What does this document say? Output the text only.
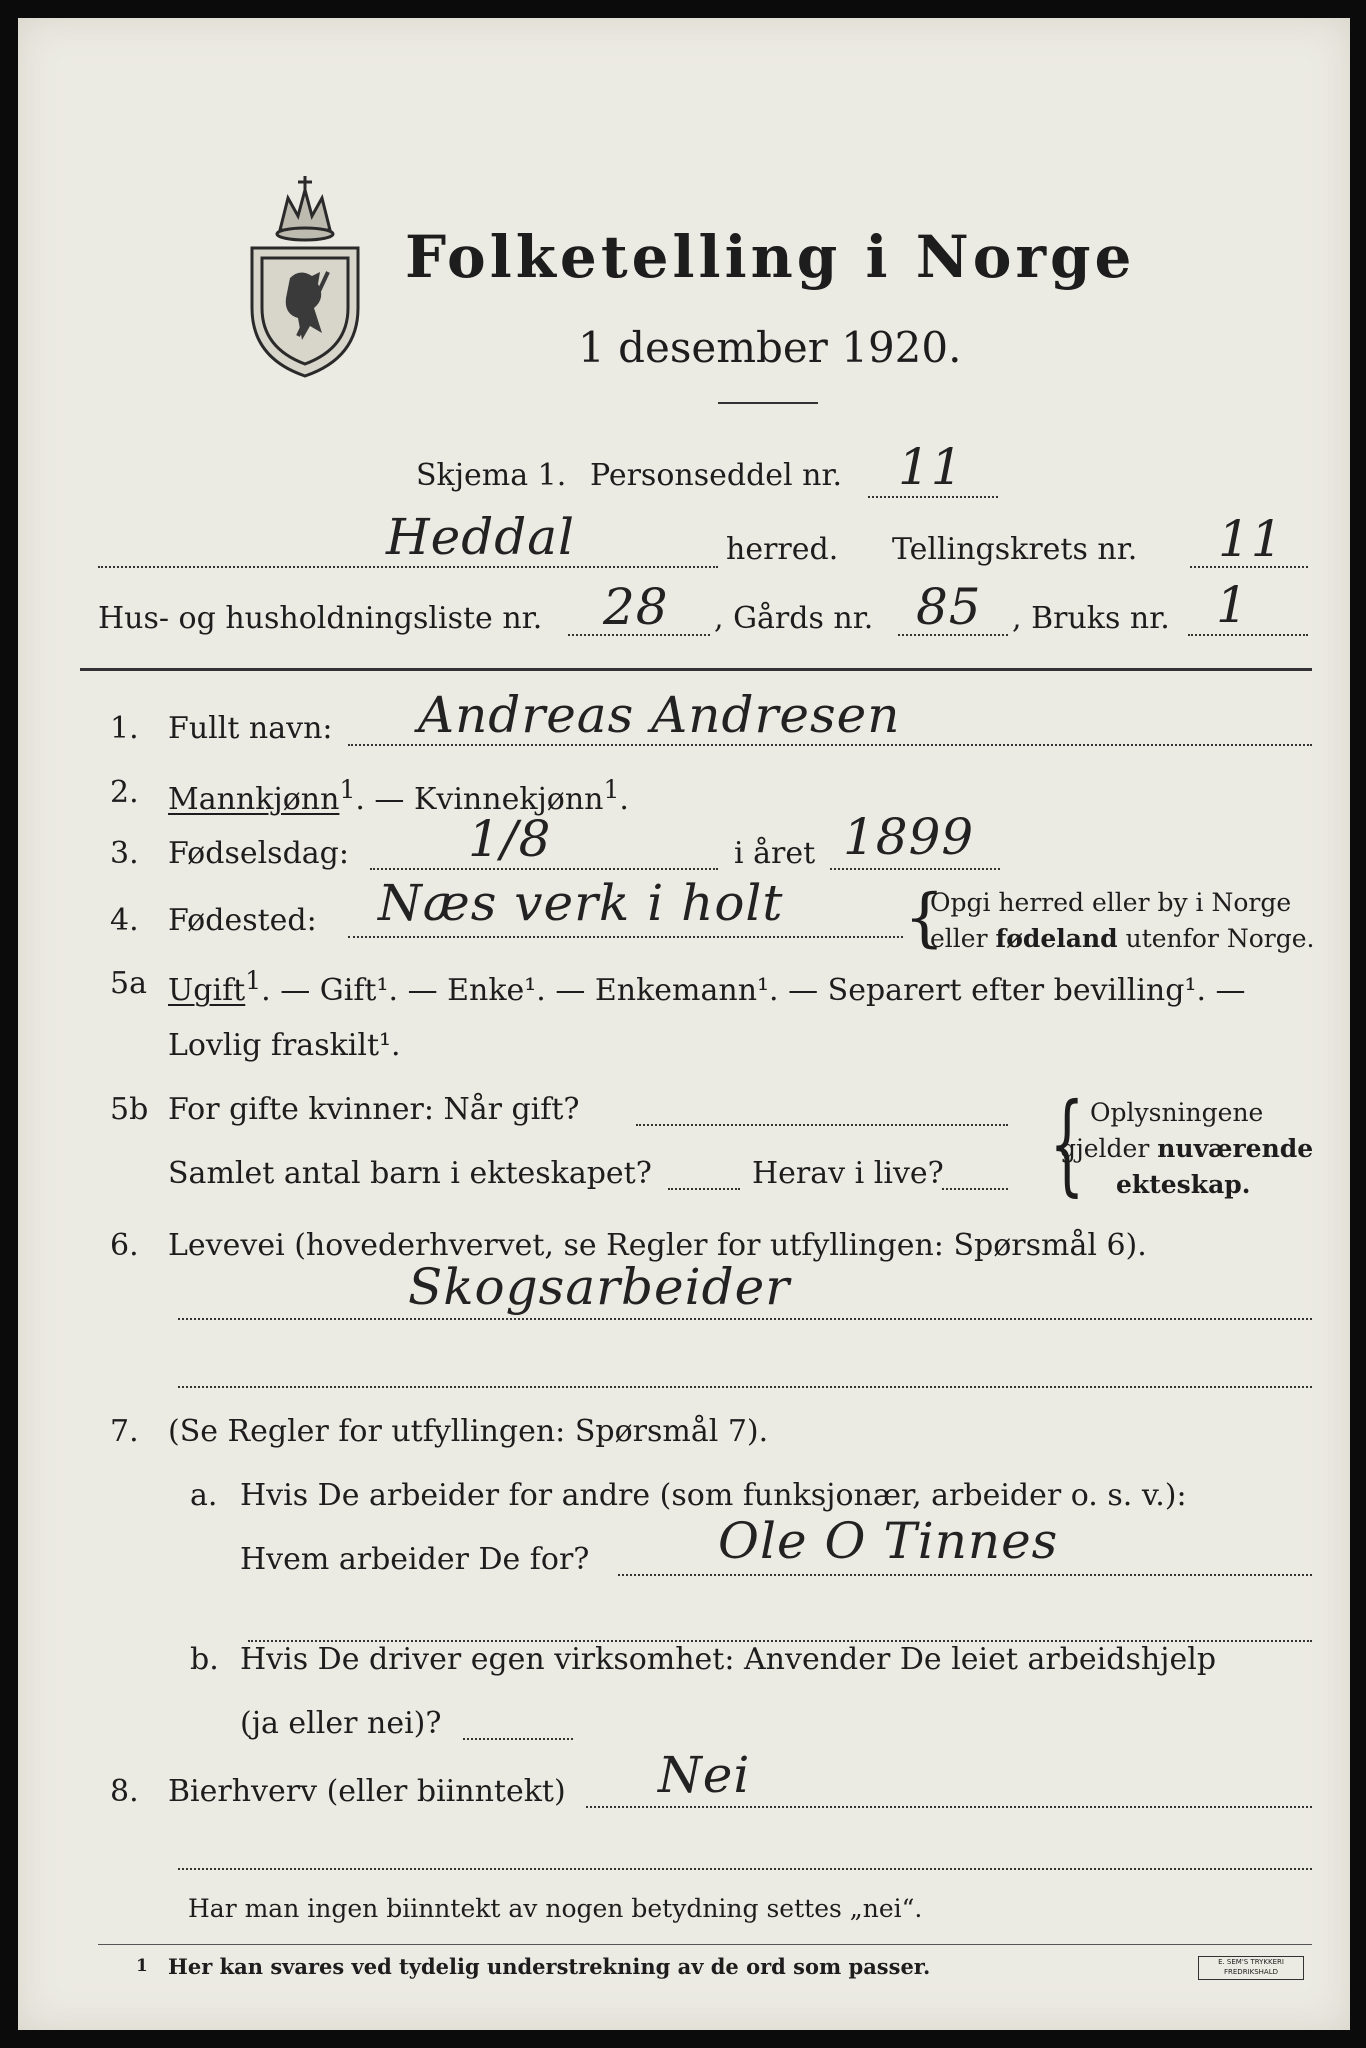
Folketelling i Norge
1 desember 1920.
Skjema 1. Personseddel nr. 11
Heddal	herred. Tellingskrets nr. 11
Hus- og husholdningsliste nr. 28 , Gårds nr. 85 , Bruks nr. 1
1. Fullt navn: Andreas Andresen
2. Mannkjønn$^1$. — Kvinnekjønn$^1$.
3. Fødselsdag: 1/8	i året 1899
4. Fødested: Næs verk i holt {
Opgi herred eller by i Norge
eller fødeland utenfor Norge.
5a Ugift$^1$. — Gift¹. — Enke¹. — Enkemann¹. — Separert efter bevilling¹. —
Lovlig fraskilt¹.
5b For gifte kvinner: Når gift?
Samlet antal barn i ekteskapet?	Herav i live? { Oplysningene
gjelder nuværende
ekteskap.
6. Levevei (hovederhvervet, se Regler for utfyllingen: Spørsmål 6).
Skogsarbeider
7. (Se Regler for utfyllingen: Spørsmål 7).
a. Hvis De arbeider for andre (som funksjonær, arbeider o. s. v.):
Hvem arbeider De for?	Ole O Tinnes
b. Hvis De driver egen virksomhet: Anvender De leiet arbeidshjelp
(ja eller nei)?
8. Bierhverv (eller biinntekt) Nei
Har man ingen biinntekt av nogen betydning settes „nei“.
1 Her kan svares ved tydelig understrekning av de ord som passer.	E. SEM'S TRYKKERI FREDRIKSHALD
